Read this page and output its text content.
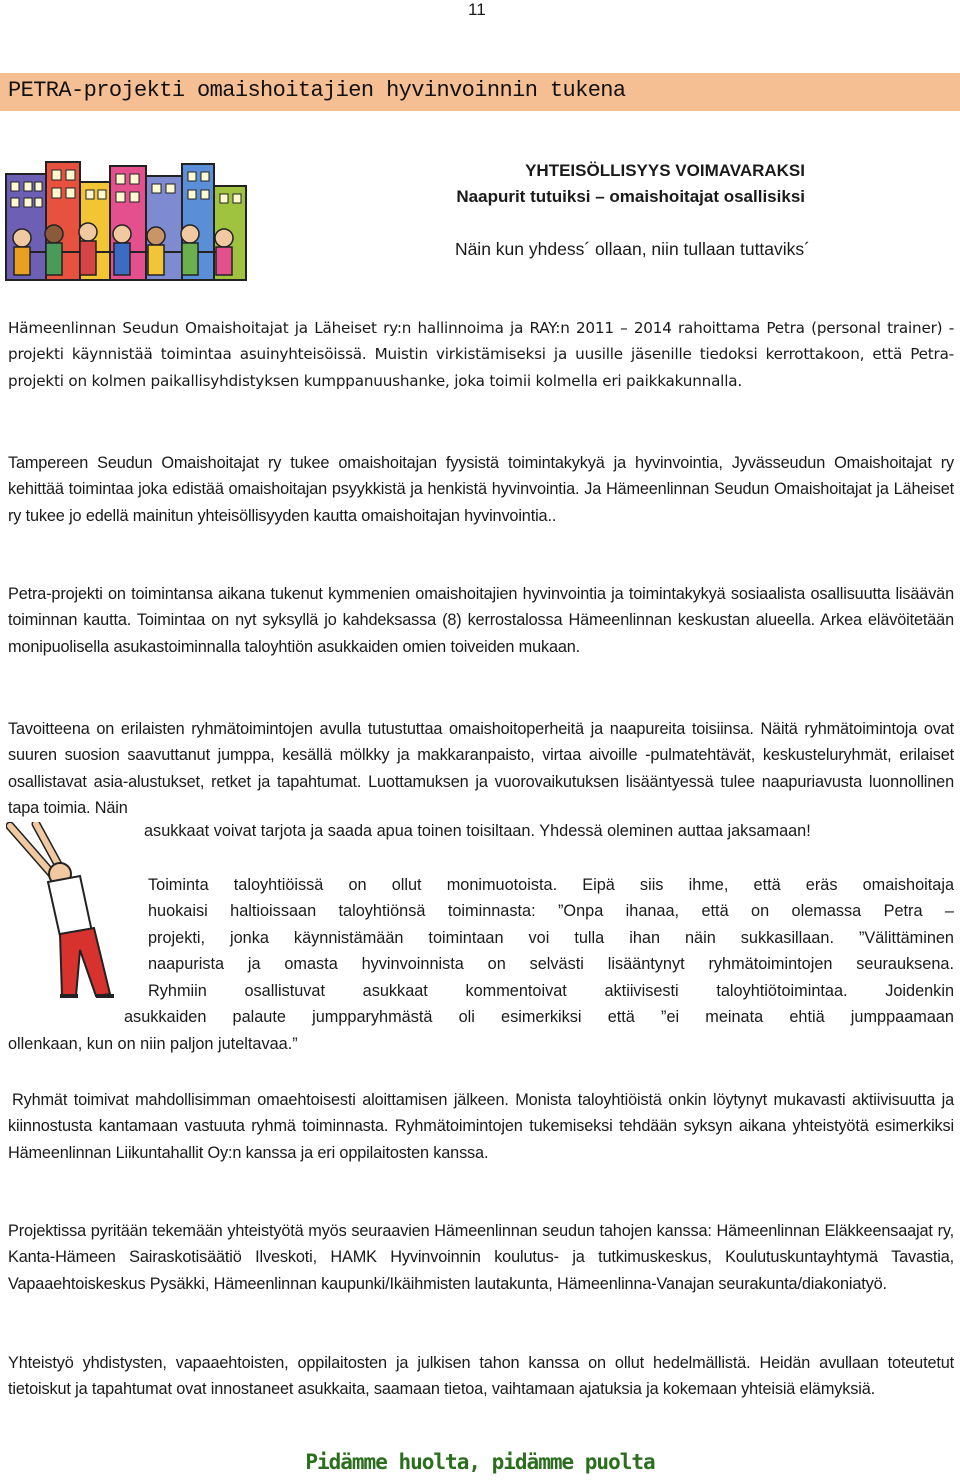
11
PETRA-projekti omaishoitajien hyvinvoinnin tukena
YHTEISÖLLISYYS VOIMAVARAKSI
Naapurit tutuiksi – omaishoitajat osallisiksi
Näin kun yhdess´ ollaan, niin tullaan tuttaviks´

Hämeenlinnan Seudun Omaishoitajat ja Läheiset ry:n hallinnoima ja RAY:n 2011 – 2014 rahoittama Petra (personal trainer) -projekti käynnistää toimintaa asuinyhteisöissä. Muistin virkistämiseksi ja uusille jäsenille tiedoksi kerrottakoon, että Petra-projekti on kolmen paikallisyhdistyksen kumppanuushanke, joka toimii kolmella eri paikkakunnalla.

Tampereen Seudun Omaishoitajat ry tukee omaishoitajan fyysistä toimintakykyä ja hyvinvointia, Jyvässeudun Omaishoitajat ry kehittää toimintaa joka edistää omaishoitajan psyykkistä ja henkistä hyvinvointia. Ja Hämeenlinnan Seudun Omaishoitajat ja Läheiset ry tukee jo edellä mainitun yhteisöllisyyden kautta omaishoitajan hyvinvointia..

Petra-projekti on toimintansa aikana tukenut kymmenien omaishoitajien hyvinvointia ja toimintakykyä sosiaalista osallisuutta lisäävän toiminnan kautta. Toimintaa on nyt syksyllä jo kahdeksassa (8) kerrostalossa Hämeenlinnan keskustan alueella. Arkea elävöitetään monipuolisella asukastoiminnalla taloyhtiön asukkaiden omien toiveiden mukaan.

Tavoitteena on erilaisten ryhmätoimintojen avulla tutustuttaa omaishoitoperheitä ja naapureita toisiinsa. Näitä ryhmätoimintoja ovat suuren suosion saavuttanut jumppa, kesällä mölkky ja makkaranpaisto, virtaa aivoille -pulmatehtävät, keskusteluryhmät, erilaiset osallistavat asia-alustukset, retket ja tapahtumat. Luottamuksen ja vuorovaikutuksen lisääntyessä tulee naapuriavusta luonnollinen tapa toimia. Näin

asukkaat voivat tarjota ja saada apua toinen toisiltaan. Yhdessä oleminen auttaa jaksamaan!
Toiminta taloyhtiöissä on ollut monimuotoista. Eipä siis ihme, että eräs omaishoitaja
huokaisi haltioissaan taloyhtiönsä toiminnasta: ”Onpa ihanaa, että on olemassa Petra –
projekti, jonka käynnistämään toimintaan voi tulla ihan näin sukkasillaan. ”Välittäminen
naapurista ja omasta hyvinvoinnista on selvästi lisääntynyt ryhmätoimintojen seurauksena.
Ryhmiin osallistuvat asukkaat kommentoivat aktiivisesti taloyhtiötoimintaa. Joidenkin
asukkaiden palaute jumpparyhmästä oli esimerkiksi että ”ei meinata ehtiä jumppaamaan
ollenkaan, kun on niin paljon juteltavaa.”

Ryhmät toimivat mahdollisimman omaehtoisesti aloittamisen jälkeen. Monista taloyhtiöistä onkin löytynyt mukavasti aktiivisuutta ja kiinnostusta kantamaan vastuuta ryhmä toiminnasta. Ryhmätoimintojen tukemiseksi tehdään syksyn aikana yhteistyötä esimerkiksi Hämeenlinnan Liikuntahallit Oy:n kanssa ja eri oppilaitosten kanssa.

Projektissa pyritään tekemään yhteistyötä myös seuraavien Hämeenlinnan seudun tahojen kanssa: Hämeenlinnan Eläkkeensaajat ry, Kanta-Hämeen Sairaskotisäätiö Ilveskoti, HAMK Hyvinvoinnin koulutus- ja tutkimuskeskus, Koulutuskuntayhtymä Tavastia, Vapaaehtoiskeskus Pysäkki, Hämeenlinnan kaupunki/Ikäihmisten lautakunta, Hämeenlinna-Vanajan seurakunta/diakoniatyö.

Yhteistyö yhdistysten, vapaaehtoisten, oppilaitosten ja julkisen tahon kanssa on ollut hedelmällistä. Heidän avullaan toteutetut tietoiskut ja tapahtumat ovat innostaneet asukkaita, saamaan tietoa, vaihtamaan ajatuksia ja kokemaan yhteisiä elämyksiä.

Pidämme huolta, pidämme puolta
